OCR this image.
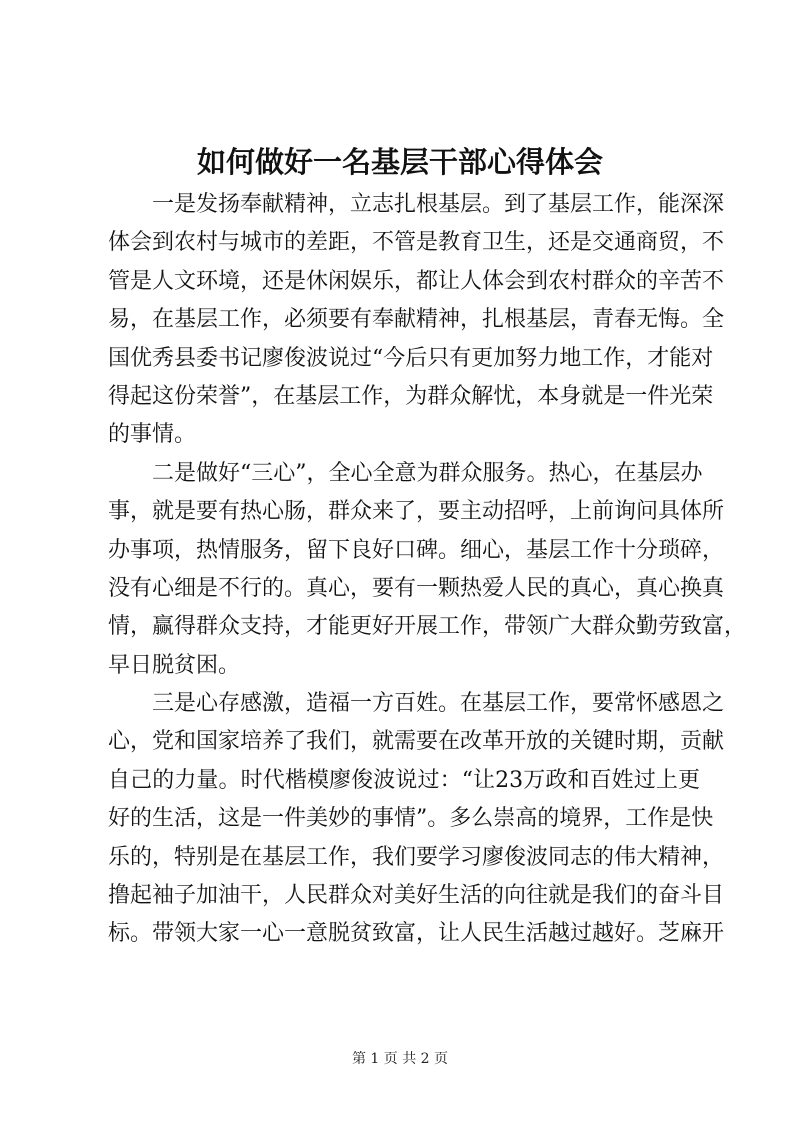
如何做好一名基层干部心得体会
一是发扬奉献精神，立志扎根基层。到了基层工作，能深深
体会到农村与城市的差距，不管是教育卫生，还是交通商贸，不
管是人文环境，还是休闲娱乐，都让人体会到农村群众的辛苦不
易，在基层工作，必须要有奉献精神，扎根基层，青春无悔。全
国优秀县委书记廖俊波说过“今后只有更加努力地工作，才能对
得起这份荣誉”，在基层工作，为群众解忧，本身就是一件光荣
的事情。
二是做好“三心”，全心全意为群众服务。热心，在基层办
事，就是要有热心肠，群众来了，要主动招呼，上前询问具体所
办事项，热情服务，留下良好口碑。细心，基层工作十分琐碎，
没有心细是不行的。真心，要有一颗热爱人民的真心，真心换真
情，赢得群众支持，才能更好开展工作，带领广大群众勤劳致富，
早日脱贫困。
三是心存感激，造福一方百姓。在基层工作，要常怀感恩之
心，党和国家培养了我们，就需要在改革开放的关键时期，贡献
自己的力量。时代楷模廖俊波说过：“让23万政和百姓过上更
好的生活，这是一件美妙的事情”。多么崇高的境界，工作是快
乐的，特别是在基层工作，我们要学习廖俊波同志的伟大精神，
撸起袖子加油干，人民群众对美好生活的向往就是我们的奋斗目
标。带领大家一心一意脱贫致富，让人民生活越过越好。芝麻开
第 1 页 共 2 页
